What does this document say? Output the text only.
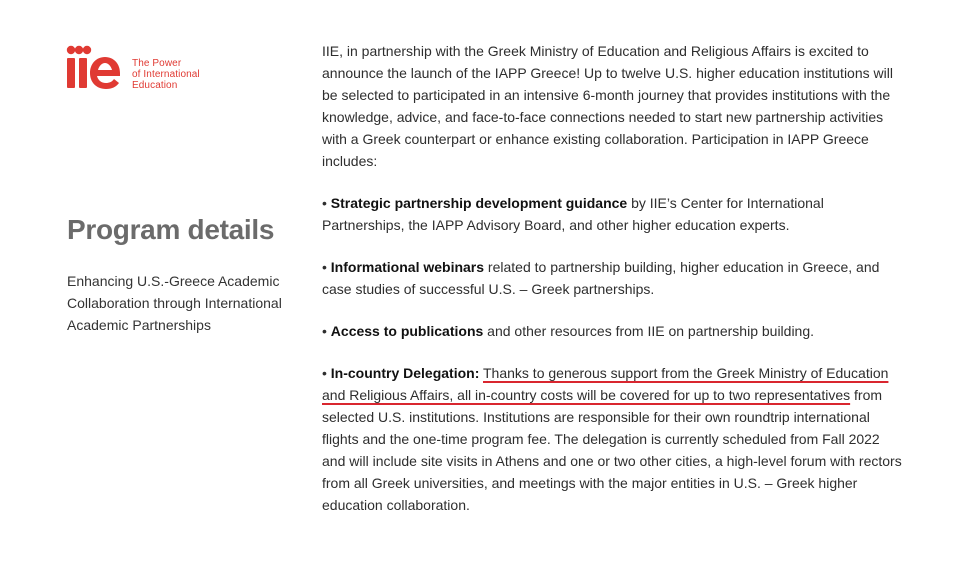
The Power
of International
Education
Program details
Enhancing U.S.-Greece Academic Collaboration through International Academic Partnerships

IIE, in partnership with the Greek Ministry of Education and Religious Affairs is excited to announce the launch of the IAPP Greece! Up to twelve U.S. higher education institutions will be selected to participated in an intensive 6-month journey that provides institutions with the knowledge, advice, and face-to-face connections needed to start new partnership activities with a Greek counterpart or enhance existing collaboration. Participation in IAPP Greece includes:

• Strategic partnership development guidance by IIE’s Center for International Partnerships, the IAPP Advisory Board, and other higher education experts.

• Informational webinars related to partnership building, higher education in Greece, and case studies of successful U.S. – Greek partnerships.

• Access to publications and other resources from IIE on partnership building.

• In-country Delegation: Thanks to generous support from the Greek Ministry of Education and Religious Affairs, all in-country costs will be covered for up to two representatives from selected U.S. institutions. Institutions are responsible for their own roundtrip international flights and the one-time program fee. The delegation is currently scheduled from Fall 2022 and will include site visits in Athens and one or two other cities, a high-level forum with rectors from all Greek universities, and meetings with the major entities in U.S. – Greek higher education collaboration.
